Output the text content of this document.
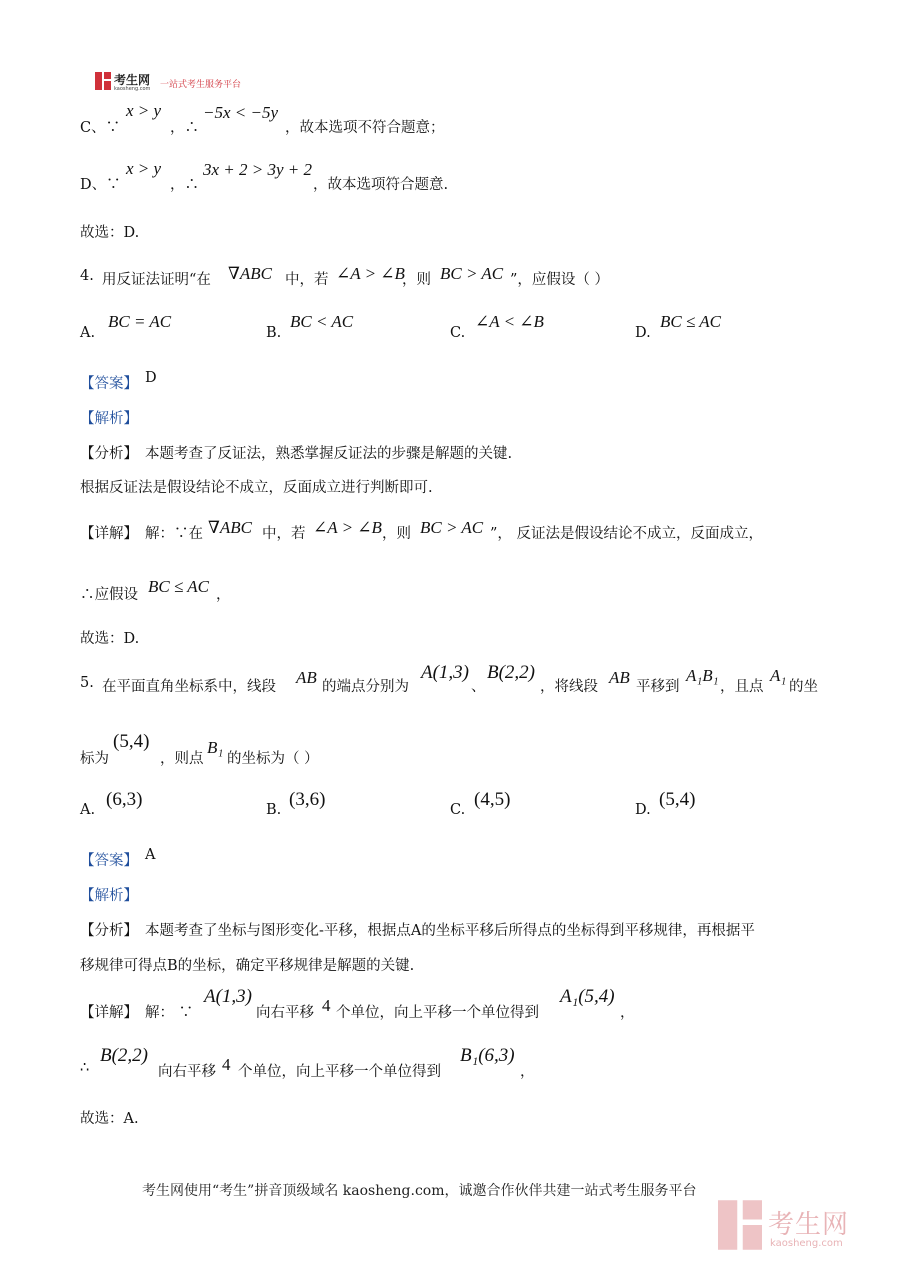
考生网
kaosheng.com 一站式考生服务平台
C、∵
x > y
，∴
−5x < −5y
，故本选项不符合题意；
D、∵
x > y
，∴
3x + 2 > 3y + 2
，故本选项符合题意.
故选：D.
4. 用反证法证明“在 ∇ABC 中，若 ∠A > ∠B
，则 BC > AC ”，应假设（ ）
A.
BC = AC
B.
BC < AC
C.
∠A < ∠B
D.
BC ≤ AC
【答案】 D
【解析】
【分析】 本题考查了反证法，熟悉掌握反证法的步骤是解题的关键.
根据反证法是假设结论不成立，反面成立进行判断即可.
【详解】 解：∵在 ∇ABC 中，若 ∠A > ∠B ，则 BC > AC ”， 反证法是假设结论不成立，反面成立，
∴应假设 BC ≤ AC ，
故选：D.
5. 在平面直角坐标系中，线段 AB 的端点分别为
A(1,3)
、
B(2,2)
，将线段 AB 平移到
A₁B₁
，且点
A₁
的坐
标为
(5,4)
，则点
B₁
的坐标为（ ）
A. (6,3)	B. (3,6)	C. (4,5)	D. (5,4)
【答案】 A
【解析】
【分析】 本题考查了坐标与图形变化-平移，根据点A的坐标平移后所得点的坐标得到平移规律，再根据平
移规律可得点B的坐标，确定平移规律是解题的关键.
【详解】 解： ∵
A(1,3)
向右平移 4 个单位，向上平移一个单位得到
A₁(5,4)
，
∴
B(2,2)
向右平移 4 个单位，向上平移一个单位得到
B₁(6,3)
，
故选：A.
考生网使用“考生”拼音顶级域名 kaosheng.com，诚邀合作伙伴共建一站式考生服务平台
考生网
kaosheng.com
